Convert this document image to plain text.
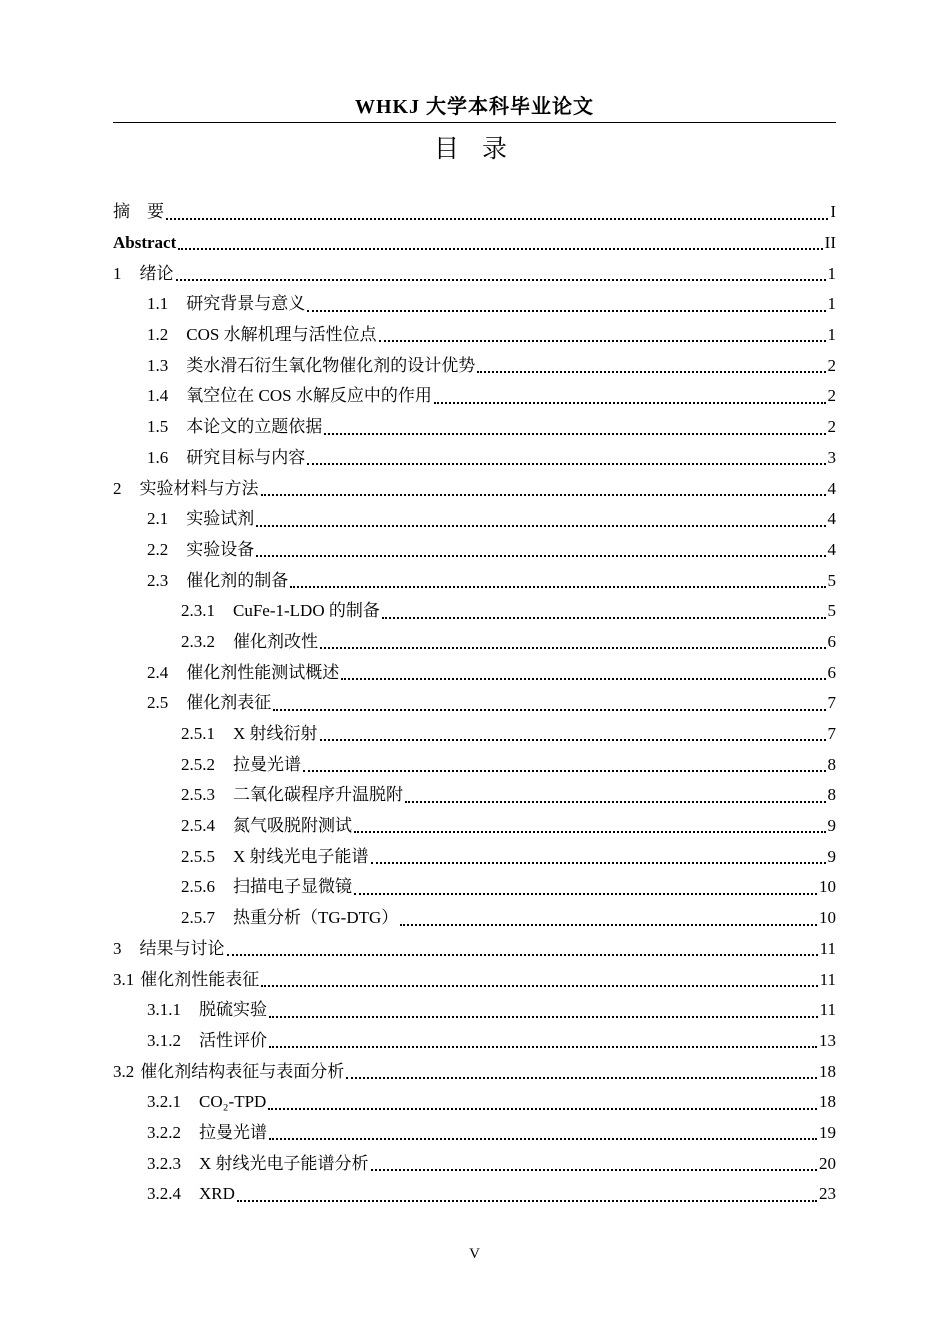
WHKJ 大学本科毕业论文
目 录
摘　要	I
Abstract	II
1 绪论	1
1.1 研究背景与意义	1
1.2 COS 水解机理与活性位点	1
1.3 类水滑石衍生氧化物催化剂的设计优势	2
1.4 氧空位在 COS 水解反应中的作用	2
1.5 本论文的立题依据	2
1.6 研究目标与内容	3
2 实验材料与方法	4
2.1 实验试剂	4
2.2 实验设备	4
2.3 催化剂的制备	5
2.3.1 CuFe-1-LDO 的制备	5
2.3.2 催化剂改性	6
2.4 催化剂性能测试概述	6
2.5 催化剂表征	7
2.5.1 X 射线衍射	7
2.5.2 拉曼光谱	8
2.5.3 二氧化碳程序升温脱附	8
2.5.4 氮气吸脱附测试	9
2.5.5 X 射线光电子能谱	9
2.5.6 扫描电子显微镜	10
2.5.7 热重分析（TG-DTG）	10
3 结果与讨论	11
3.1 催化剂性能表征	11
3.1.1 脱硫实验	11
3.1.2 活性评价	13
3.2 催化剂结构表征与表面分析	18
3.2.1 CO₂-TPD	18
3.2.2 拉曼光谱	19
3.2.3 X 射线光电子能谱分析	20
3.2.4 XRD	23
V
